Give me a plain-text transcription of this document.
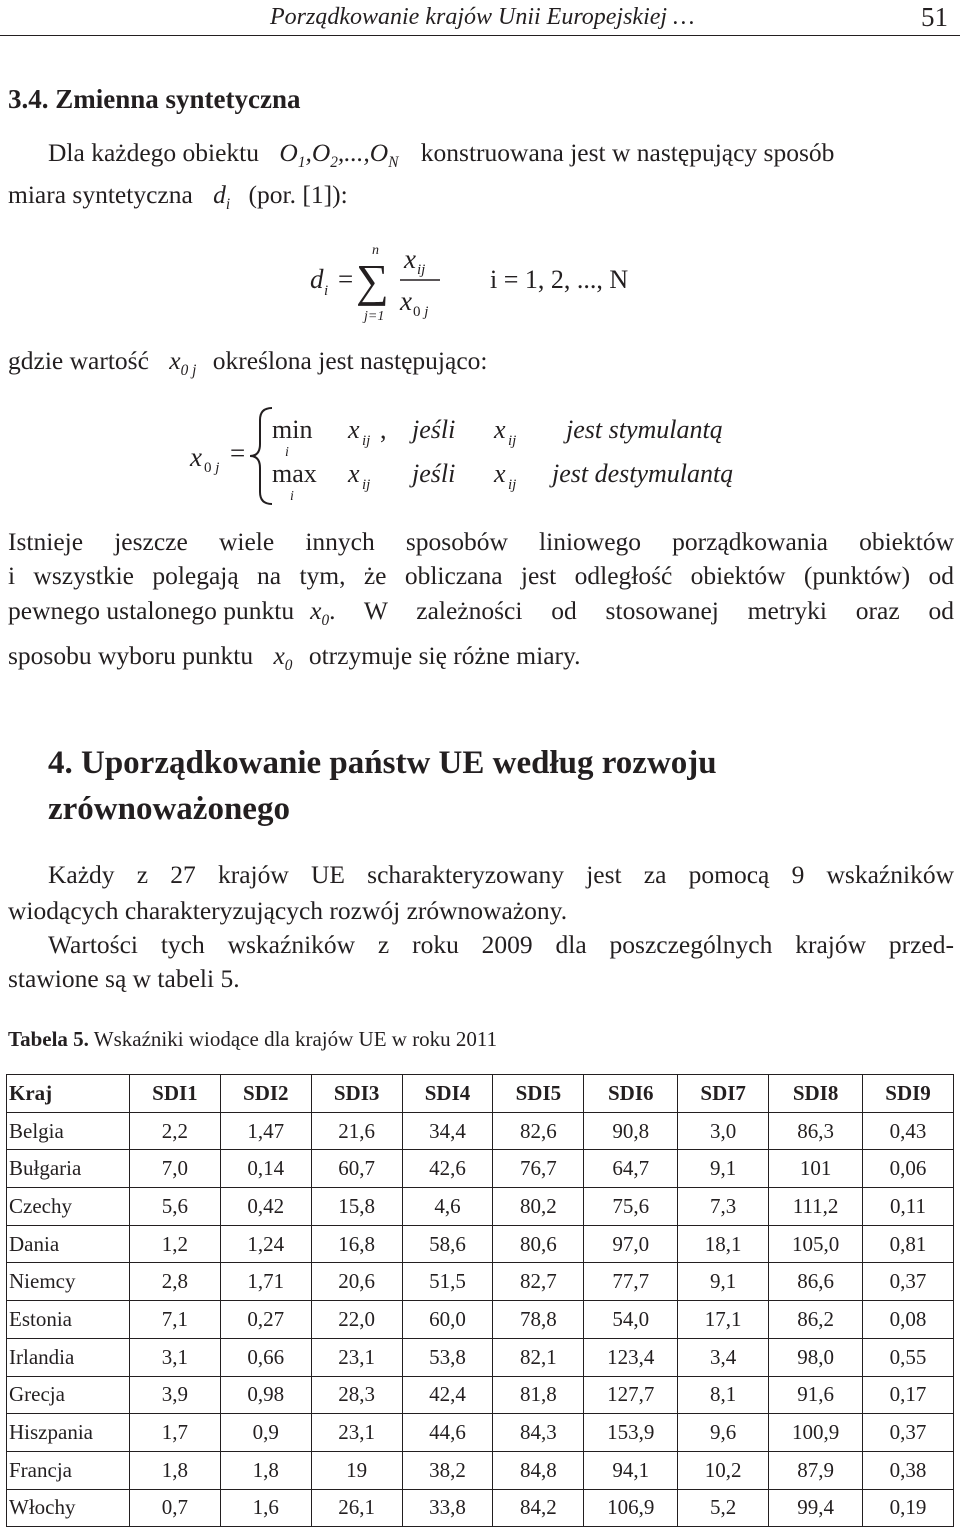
Porządkowanie krajów Unii Europejskiej …	51
3.4. Zmienna syntetyczna
Dla każdego obiektu $O_1,O_2,...,O_N$ konstruowana jest w następujący sposób
miara syntetyczna $d_i$ (por. [1]):
d i =
n
∑
j=1
x ij
x 0 j
i = 1, 2, ..., N
gdzie wartość $x_{0 j}$ określona jest następująco:
x 0 j =
min
i
x ij , jeśli x ij jest stymulantą
max
i
x ij jeśli x ij jest destymulantą
Istnieje jeszcze wiele innych sposobów liniowego porządkowania obiektów
i wszystkie polegają na tym, że obliczana jest odległość obiektów (punktów) od
pewnego ustalonego punktu $x_0$. W zależności od stosowanej metryki oraz od
sposobu wyboru punktu $x_0$ otrzymuje się różne miary.
4. Uporządkowanie państw UE według rozwoju zrównoważonego
Każdy z 27 krajów UE scharakteryzowany jest za pomocą 9 wskaźników
wiodących charakteryzujących rozwój zrównoważony.
Wartości tych wskaźników z roku 2009 dla poszczególnych krajów przed-
stawione są w tabeli 5.
Tabela 5. Wskaźniki wiodące dla krajów UE w roku 2011
Kraj	SDI1	SDI2	SDI3	SDI4	SDI5	SDI6	SDI7	SDI8	SDI9
Belgia	2,2	1,47	21,6	34,4	82,6	90,8	3,0	86,3	0,43
Bułgaria	7,0	0,14	60,7	42,6	76,7	64,7	9,1	101	0,06
Czechy	5,6	0,42	15,8	4,6	80,2	75,6	7,3	111,2	0,11
Dania	1,2	1,24	16,8	58,6	80,6	97,0	18,1	105,0	0,81
Niemcy	2,8	1,71	20,6	51,5	82,7	77,7	9,1	86,6	0,37
Estonia	7,1	0,27	22,0	60,0	78,8	54,0	17,1	86,2	0,08
Irlandia	3,1	0,66	23,1	53,8	82,1	123,4	3,4	98,0	0,55
Grecja	3,9	0,98	28,3	42,4	81,8	127,7	8,1	91,6	0,17
Hiszpania	1,7	0,9	23,1	44,6	84,3	153,9	9,6	100,9	0,37
Francja	1,8	1,8	19	38,2	84,8	94,1	10,2	87,9	0,38
Włochy	0,7	1,6	26,1	33,8	84,2	106,9	5,2	99,4	0,19
